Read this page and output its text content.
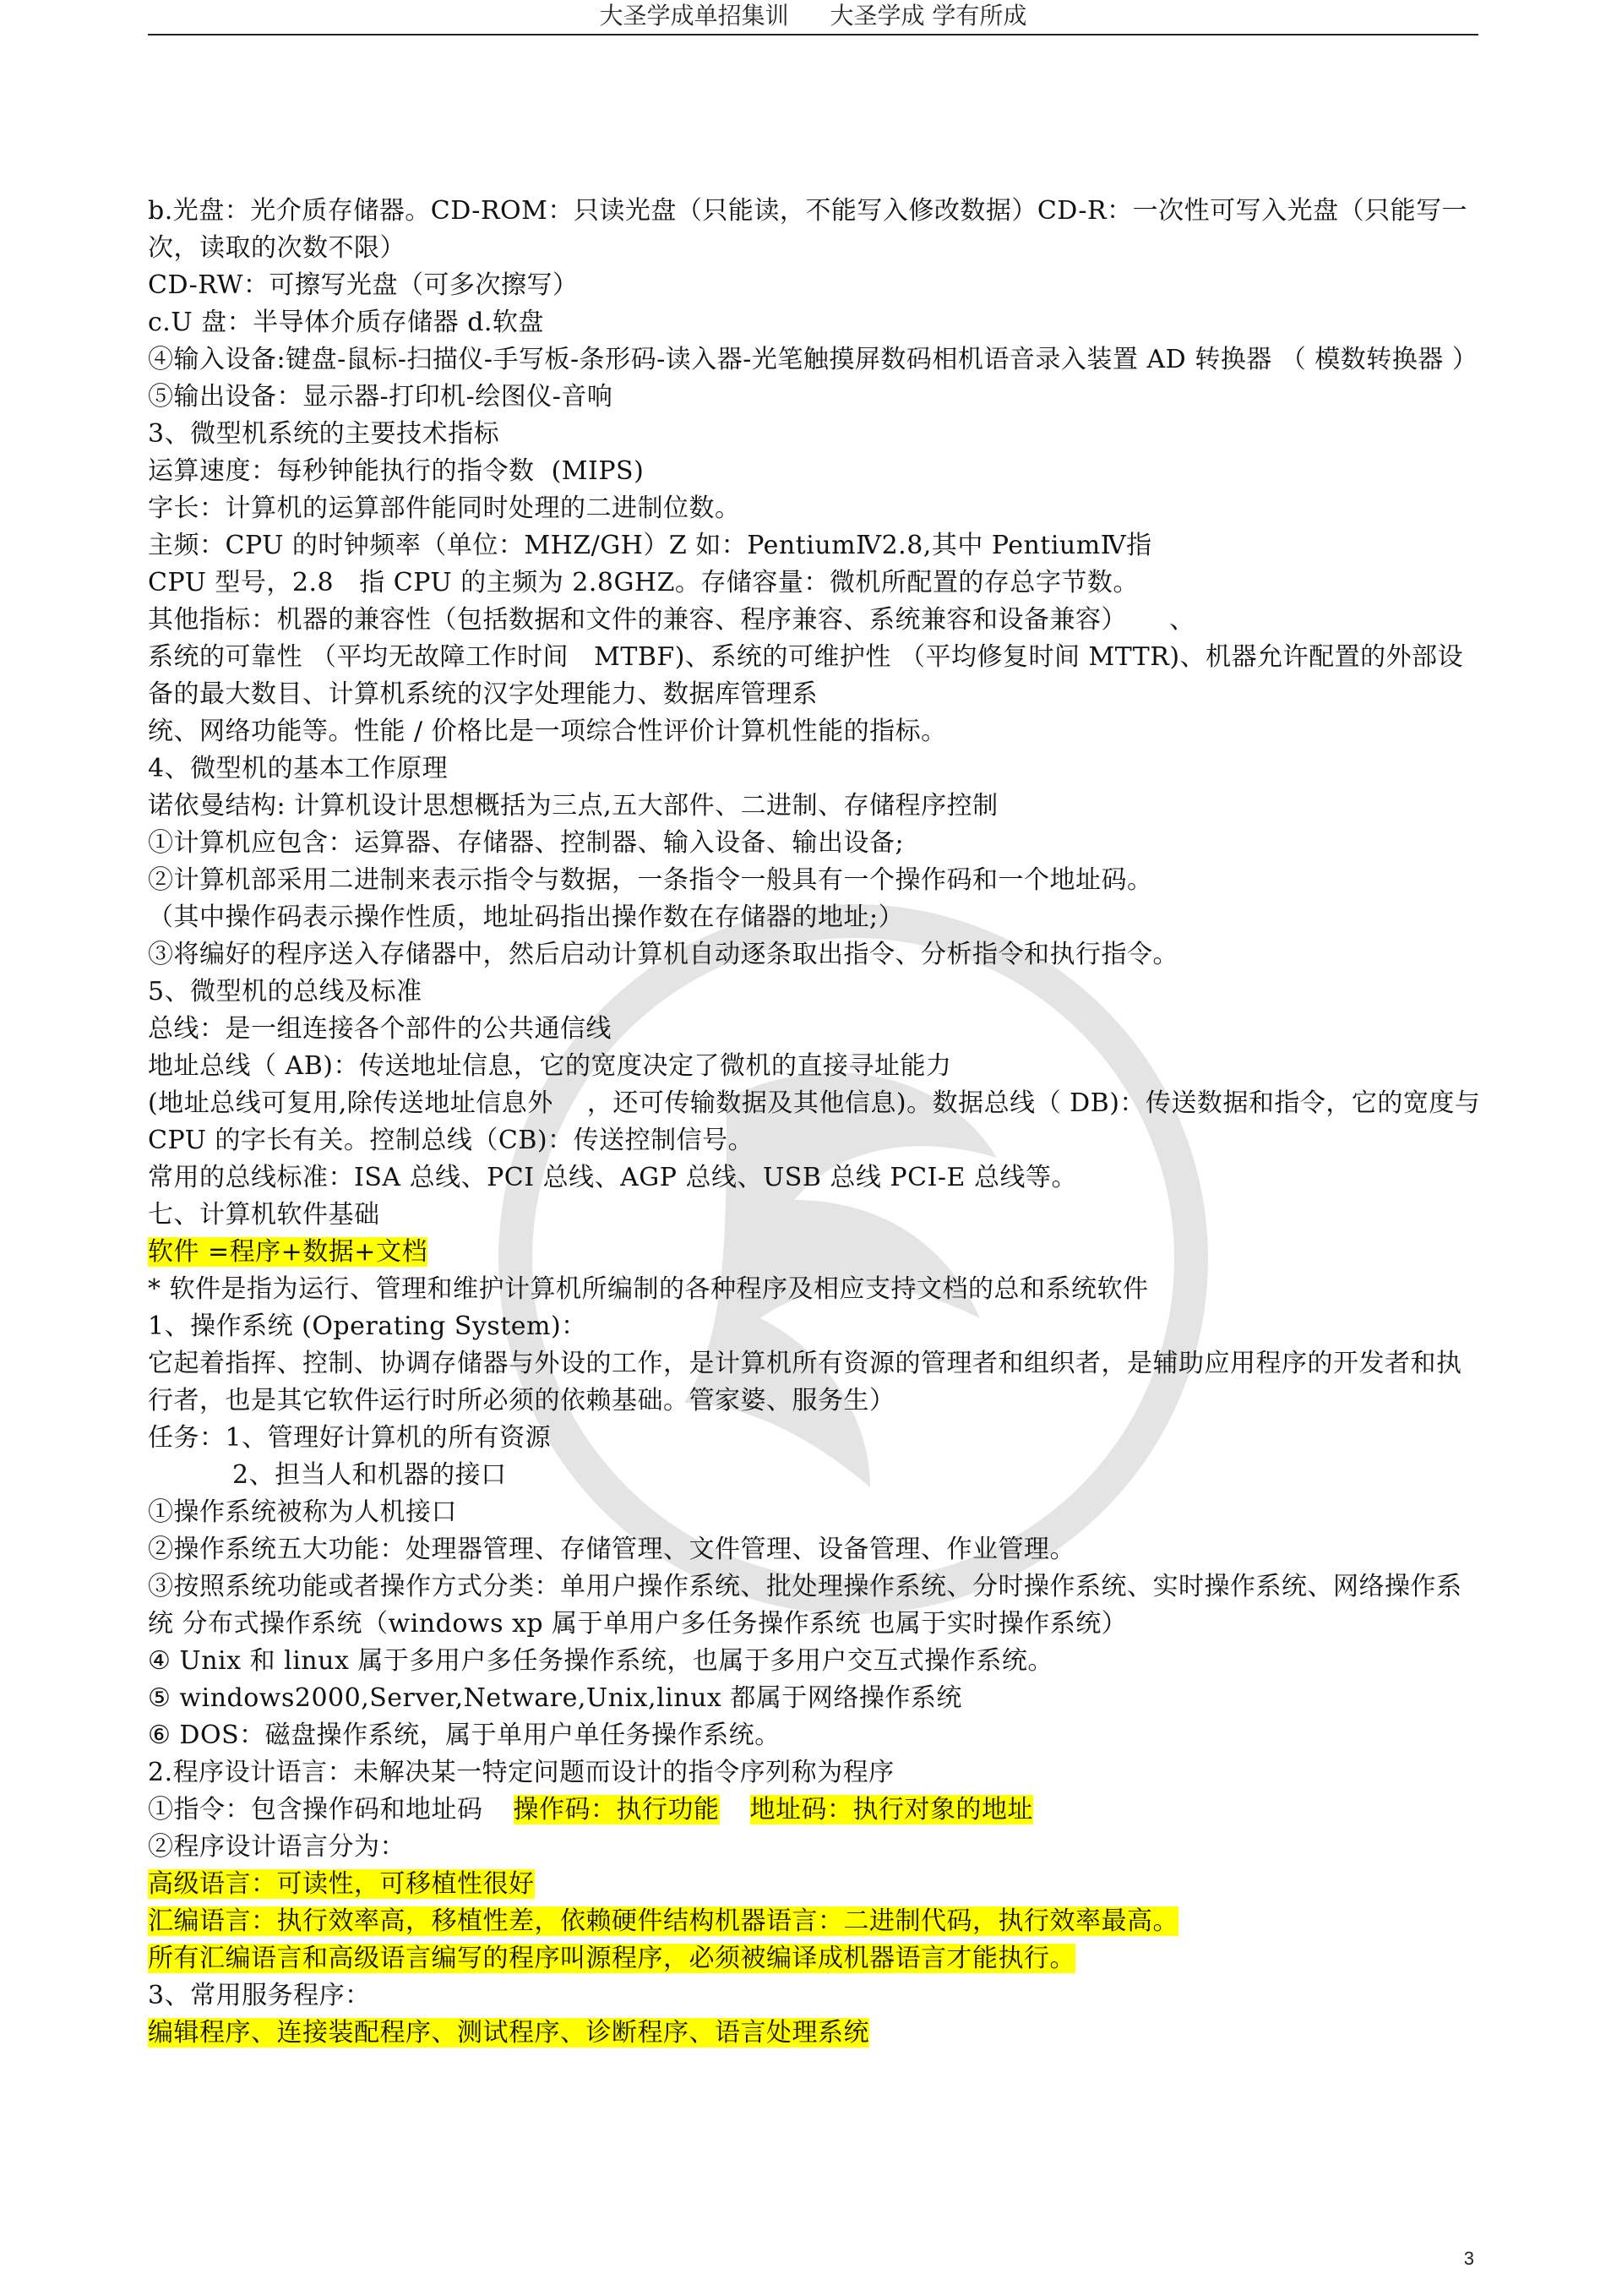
大圣学成单招集训 大圣学成 学有所成
b.光盘：光介质存储器。CD-ROM：只读光盘（只能读，不能写入修改数据）CD-R：一次性可写入光盘（只能写一次，读取的次数不限）
CD-RW：可擦写光盘（可多次擦写）
c.U 盘：半导体介质存储器 d.软盘
④输入设备:键盘-鼠标-扫描仪-手写板-条形码-读入器-光笔触摸屏数码相机语音录入装置 AD 转换器 （ 模数转换器 ）
⑤输出设备：显示器-打印机-绘图仪-音响
3、微型机系统的主要技术指标
运算速度：每秒钟能执行的指令数  (MIPS)
字长：计算机的运算部件能同时处理的二进制位数。
主频：CPU 的时钟频率（单位：MHZ/GH）Z 如：PentiumⅣ2.8,其中 PentiumⅣ指
CPU 型号，2.8   指 CPU 的主频为 2.8GHZ。存储容量：微机所配置的存总字节数。
其他指标：机器的兼容性（包括数据和文件的兼容、程序兼容、系统兼容和设备兼容）     、
系统的可靠性 （平均无故障工作时间   MTBF)、系统的可维护性 （平均修复时间 MTTR)、机器允许配置的外部设备的最大数目、计算机系统的汉字处理能力、数据库管理系
统、网络功能等。性能 / 价格比是一项综合性评价计算机性能的指标。
4、微型机的基本工作原理
诺依曼结构: 计算机设计思想概括为三点,五大部件、二进制、存储程序控制
①计算机应包含：运算器、存储器、控制器、输入设备、输出设备;
②计算机部采用二进制来表示指令与数据，一条指令一般具有一个操作码和一个地址码。
（其中操作码表示操作性质，地址码指出操作数在存储器的地址;）
③将编好的程序送入存储器中，然后启动计算机自动逐条取出指令、分析指令和执行指令。
5、微型机的总线及标准
总线：是一组连接各个部件的公共通信线
地址总线（ AB)：传送地址信息，它的宽度决定了微机的直接寻址能力
(地址总线可复用,除传送地址信息外    ，还可传输数据及其他信息)。数据总线（ DB)：传送数据和指令，它的宽度与 CPU 的字长有关。控制总线（CB)：传送控制信号。
常用的总线标准：ISA 总线、PCI 总线、AGP 总线、USB 总线 PCI-E 总线等。
七、计算机软件基础
软件 =程序+数据+文档
* 软件是指为运行、管理和维护计算机所编制的各种程序及相应支持文档的总和系统软件
1、操作系统 (Operating System)：
它起着指挥、控制、协调存储器与外设的工作，是计算机所有资源的管理者和组织者，是辅助应用程序的开发者和执行者，也是其它软件运行时所必须的依赖基础。管家婆、服务生）
任务：1、管理好计算机的所有资源
2、担当人和机器的接口
①操作系统被称为人机接口
②操作系统五大功能：处理器管理、存储管理、文件管理、设备管理、作业管理。
③按照系统功能或者操作方式分类：单用户操作系统、批处理操作系统、分时操作系统、实时操作系统、网络操作系统 分布式操作系统（windows xp 属于单用户多任务操作系统 也属于实时操作系统）
④ Unix 和 linux 属于多用户多任务操作系统，也属于多用户交互式操作系统。
⑤ windows2000,Server,Netware,Unix,linux 都属于网络操作系统
⑥ DOS：磁盘操作系统，属于单用户单任务操作系统。
2.程序设计语言：未解决某一特定问题而设计的指令序列称为程序
①指令：包含操作码和地址码 操作码：执行功能 地址码：执行对象的地址
②程序设计语言分为：
高级语言：可读性，可移植性很好
汇编语言：执行效率高，移植性差，依赖硬件结构机器语言：二进制代码，执行效率最高。
所有汇编语言和高级语言编写的程序叫源程序，必须被编译成机器语言才能执行。
3、常用服务程序：
编辑程序、连接装配程序、测试程序、诊断程序、语言处理系统
3
